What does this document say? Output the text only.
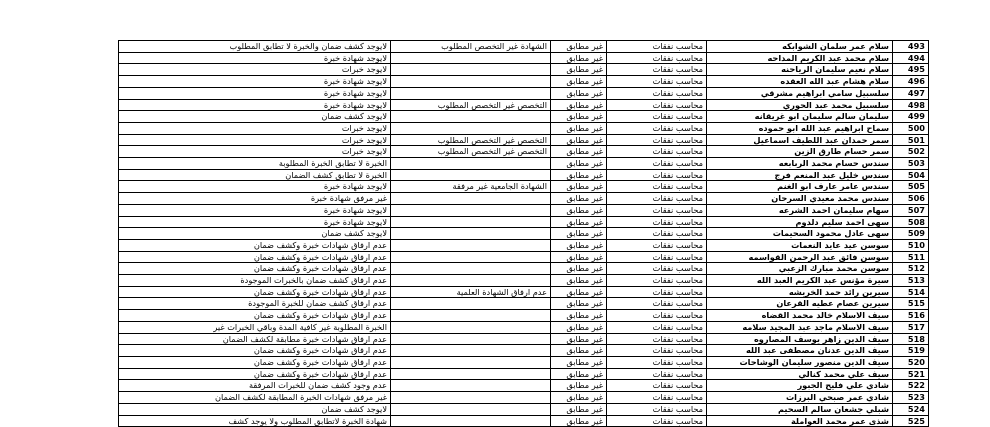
493	سلام عمر سلمان الشوابكه	محاسب نفقات	غير مطابق	الشهادة غير التخصص المطلوب	لايوجد كشف ضمان والخبرة لا تطابق المطلوب
494	سلام محمد عبد الكريم المداحه	محاسب نفقات	غير مطابق		لايوجد شهادة خبرة
495	سلام نعيم سليمان الرياحنه	محاسب نفقات	غير مطابق		لايوجد خبرات
496	سلام هشام عبد الله العقده	محاسب نفقات	غير مطابق		لايوجد شهادة خبرة
497	سلسبيل سامي ابراهيم مشرقي	محاسب نفقات	غير مطابق		لايوجد شهادة خبرة
498	سلسبيل محمد عبد الحوري	محاسب نفقات	غير مطابق	التخصص غير التخصص المطلوب	لايوجد شهادة خبرة
499	سليمان سالم سليمان ابو غريقانه	محاسب نفقات	غير مطابق		لايوجد كشف ضمان
500	سماح ابراهيم عبد الله ابو حموده	محاسب نفقات	غير مطابق		لايوجد خبرات
501	سمر حمدان عبد اللطيف اسماعيل	محاسب نفقات	غير مطابق	التخصص غير التخصص المطلوب	لايوجد خبرات
502	سمر حسام طارق الزين	محاسب نفقات	غير مطابق	التخصص غير التخصص المطلوب	لايوجد خبرات
503	سندس حسام محمد الربابعه	محاسب نفقات	غير مطابق		الخبرة لا تطابق الخبرة المطلوبة
504	سندس خليل عبد المنعم فرج	محاسب نفقات	غير مطابق		الخبرة لا تطابق كشف الضمان
505	سندس عامر عارف ابو الغنم	محاسب نفقات	غير مطابق	الشهادة الجامعية غير مرفقة	لايوجد شهادة خبرة
506	سندس محمد معيدي السرحان	محاسب نفقات	غير مطابق		غير مرفق شهادة خبرة
507	سهام سليمان احمد الشرعه	محاسب نفقات	غير مطابق		لايوجد شهادة خبرة
508	سهى احمد سليم دلدوم	محاسب نفقات	غير مطابق		لايوجد شهادة خبرة
509	سهى عادل محمود السحيمات	محاسب نفقات	غير مطابق		لايوجد كشف ضمان
510	سوسن عيد عايد النعمات	محاسب نفقات	غير مطابق		عدم ارفاق شهادات خبرة وكشف ضمان
511	سوسن فائق عبد الرحمن القواسمه	محاسب نفقات	غير مطابق		عدم ارفاق شهادات خبرة وكشف ضمان
512	سوسن محمد مبارك الزعبي	محاسب نفقات	غير مطابق		عدم ارفاق شهادات خبرة وكشف ضمان
513	سيرة مؤنس عبد الكريم العبد الله	محاسب نفقات	غير مطابق		عدم ارفاق كشف ضمان بالخبرات الموجودة
514	سيرين رائد حمد الخريشه	محاسب نفقات	غير مطابق	عدم ارفاق الشهادة العلمية	عدم ارفاق شهادات خبرة وكشف ضمان
515	سيرين عصام عطيه القرعان	محاسب نفقات	غير مطابق		عدم ارفاق كشف ضمان للخبرة الموجودة
516	سيف الاسلام خالد محمد القضاه	محاسب نفقات	غير مطابق		عدم ارفاق شهادات خبرة وكشف ضمان
517	سيف الاسلام ماجد عبد المجيد سلامه	محاسب نفقات	غير مطابق		الخبرة المطلوبة غير كافية المدة وباقي الخبرات غير
518	سيف الدين زاهر يوسف المصاروه	محاسب نفقات	غير مطابق		عدم ارفاق شهادات خبرة مطابقة لكشف الضمان
519	سيف الدين عدنان مصطفى عبد الله	محاسب نفقات	غير مطابق		عدم ارفاق شهادات خبرة وكشف ضمان
520	سيف الدين منصور سليمان الوشاحات	محاسب نفقات	غير مطابق		عدم ارفاق شهادات خبرة وكشف ضمان
521	سيف علي محمد كنالي	محاسب نفقات	غير مطابق		عدم ارفاق شهادات خبرة وكشف ضمان
522	شادي علي فليح الجبور	محاسب نفقات	غير مطابق		عدم وجود كشف ضمان للخبرات المرفقة
523	شادي عمر صبحي البرزات	محاسب نفقات	غير مطابق		غير مرفق شهادات الخبرة المطابقة لكشف الضمان
524	شبلي جشعان سالم السحيم	محاسب نفقات	غير مطابق		لايوجد كشف ضمان
525	شذى عمر محمد العواملة	محاسب نفقات	غير مطابق		شهادة الخبرة لاتطابق المطلوب ولا يوجد كشف
